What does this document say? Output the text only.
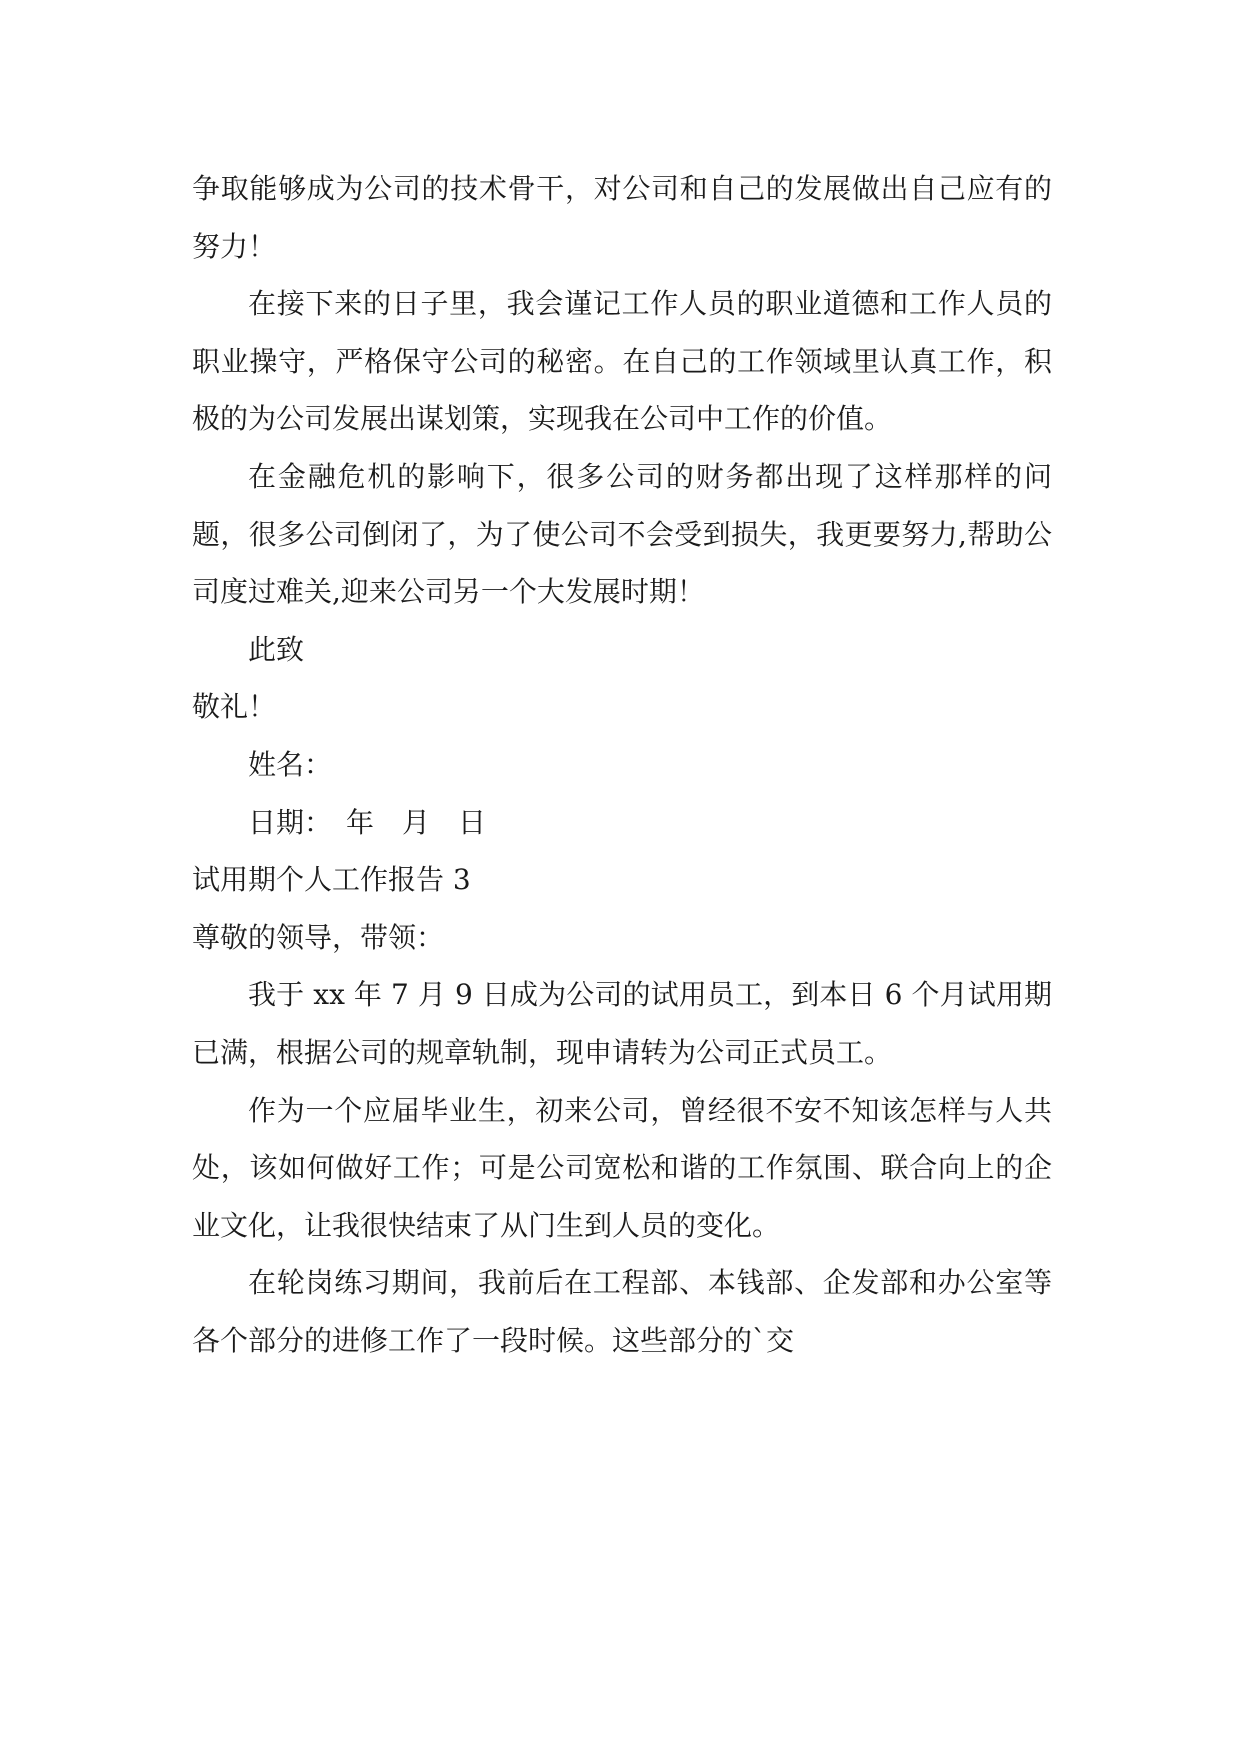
争取能够成为公司的技术骨干，对公司和自己的发展做出自己应有的努力！

在接下来的日子里，我会谨记工作人员的职业道德和工作人员的职业操守，严格保守公司的秘密。在自己的工作领域里认真工作，积极的为公司发展出谋划策，实现我在公司中工作的价值。

在金融危机的影响下，很多公司的财务都出现了这样那样的问题，很多公司倒闭了，为了使公司不会受到损失，我更要努力,帮助公司度过难关,迎来公司另一个大发展时期！

此致

敬礼！

姓名：

日期：　年　月　日

试用期个人工作报告 3

尊敬的领导，带领：

我于 xx 年 7 月 9 日成为公司的试用员工，到本日 6 个月试用期已满，根据公司的规章轨制，现申请转为公司正式员工。

作为一个应届毕业生，初来公司，曾经很不安不知该怎样与人共处，该如何做好工作；可是公司宽松和谐的工作氛围、联合向上的企业文化，让我很快结束了从门生到人员的变化。

在轮岗练习期间，我前后在工程部、本钱部、企发部和办公室等各个部分的进修工作了一段时候。这些部分的`交
